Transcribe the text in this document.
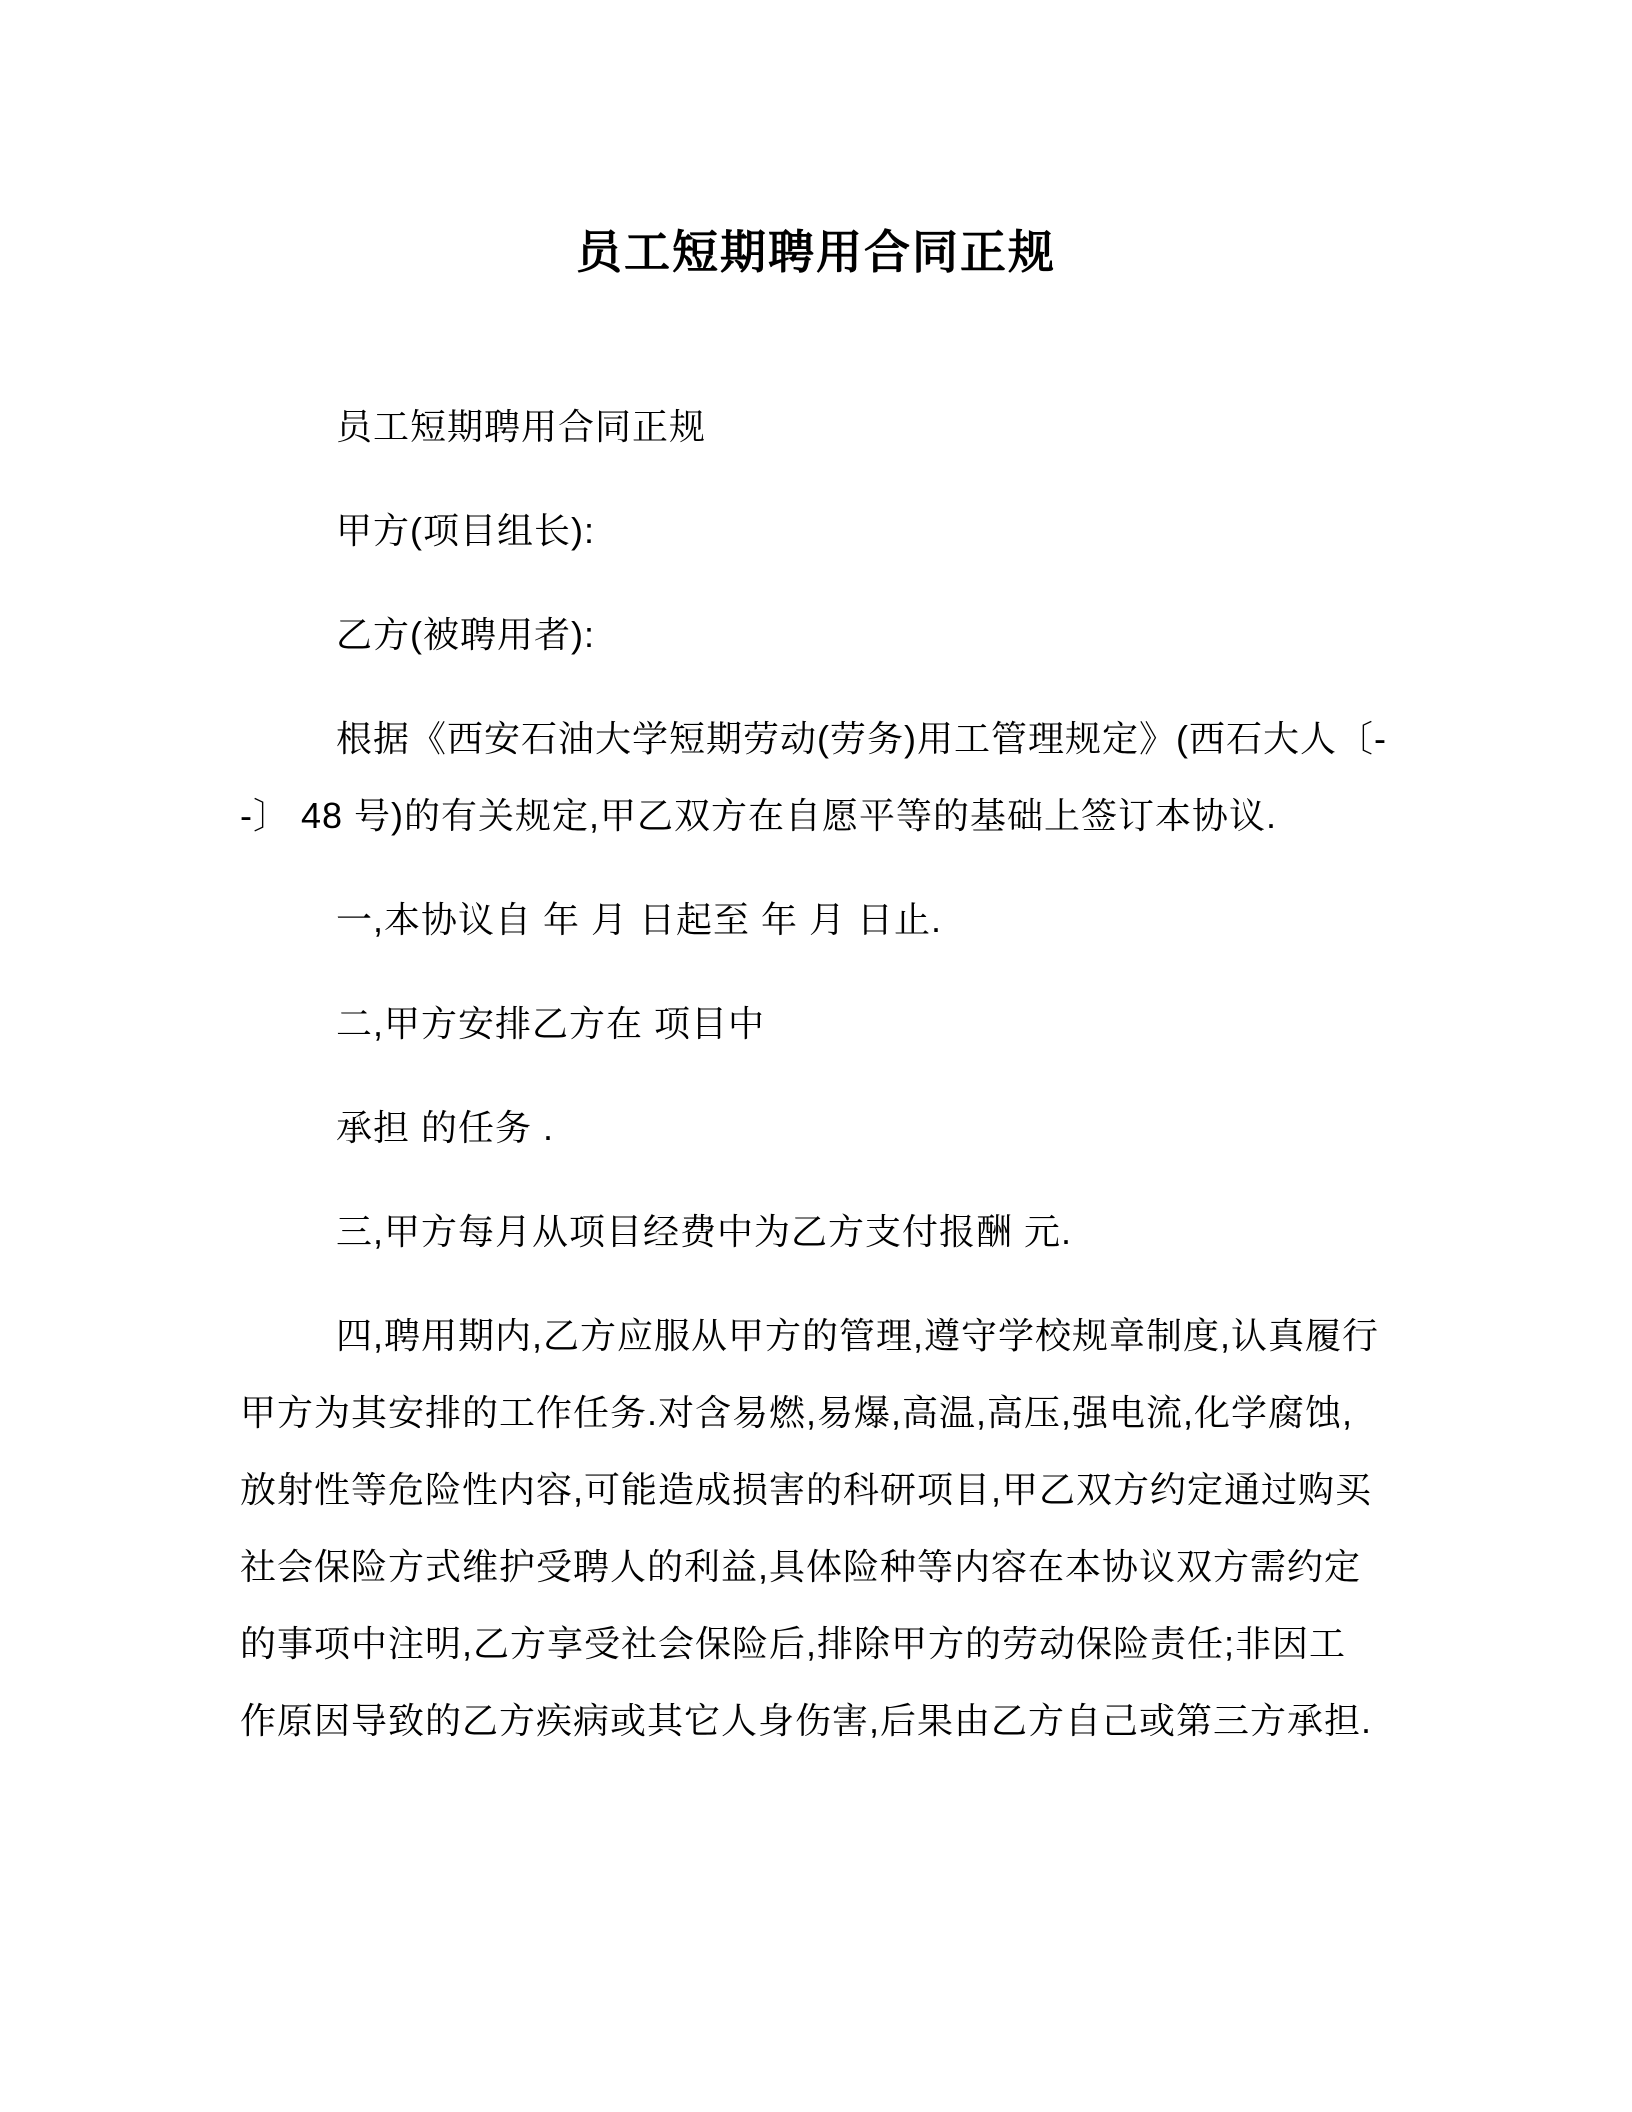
员工短期聘用合同正规
员工短期聘用合同正规
甲方(项目组长):
乙方(被聘用者):
根据《西安石油大学短期劳动(劳务)用工管理规定》(西石大人〔-
-〕 48 号)的有关规定,甲乙双方在自愿平等的基础上签订本协议.
一,本协议自 年 月 日起至 年 月 日止.
二,甲方安排乙方在 项目中
承担 的任务 .
三,甲方每月从项目经费中为乙方支付报酬 元.
四,聘用期内,乙方应服从甲方的管理,遵守学校规章制度,认真履行
甲方为其安排的工作任务.对含易燃,易爆,高温,高压,强电流,化学腐蚀,
放射性等危险性内容,可能造成损害的科研项目,甲乙双方约定通过购买
社会保险方式维护受聘人的利益,具体险种等内容在本协议双方需约定
的事项中注明,乙方享受社会保险后,排除甲方的劳动保险责任;非因工
作原因导致的乙方疾病或其它人身伤害,后果由乙方自己或第三方承担.
